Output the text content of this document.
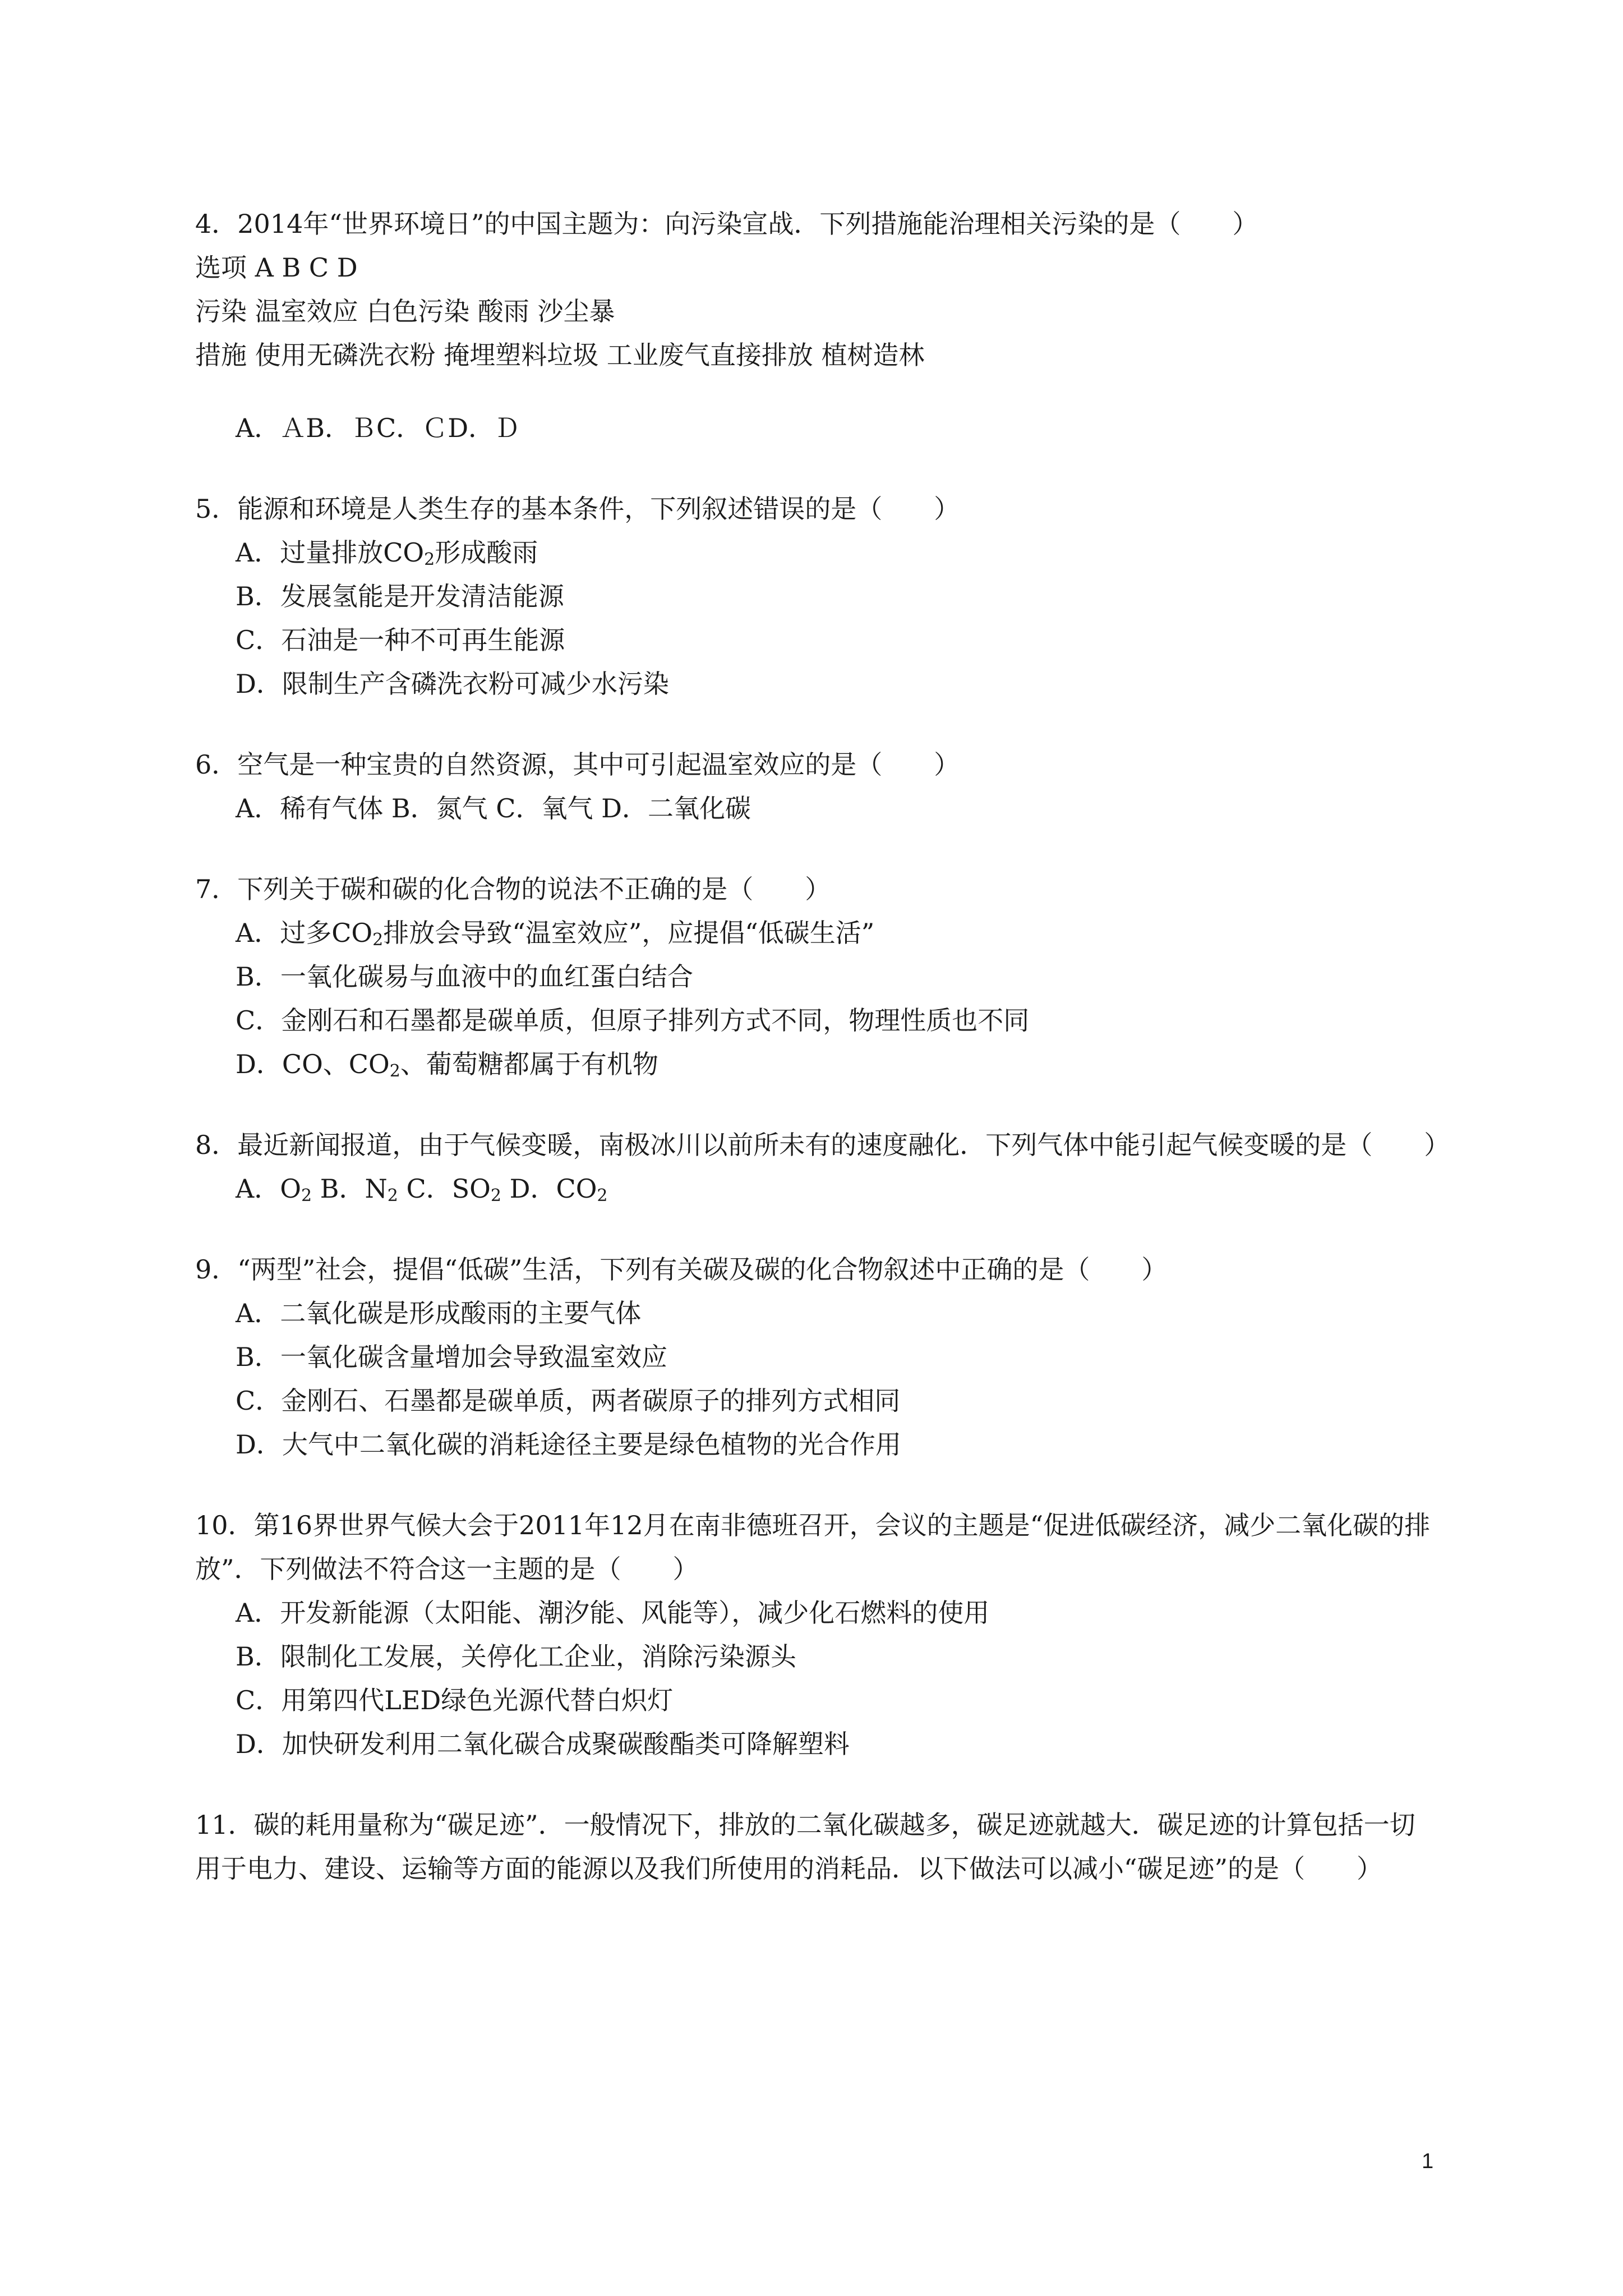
4．2014年“世界环境日”的中国主题为：向污染宣战．下列措施能治理相关污染的是（　　）
选项 A B C D
污染 温室效应 白色污染 酸雨 沙尘暴
措施 使用无磷洗衣粉 掩埋塑料垃圾 工业废气直接排放 植树造林
A．ＡB．ＢC．ＣD．Ｄ
5．能源和环境是人类生存的基本条件，下列叙述错误的是（　　）
A．过量排放$CO_2$形成酸雨
B．发展氢能是开发清洁能源
C．石油是一种不可再生能源
D．限制生产含磷洗衣粉可减少水污染
6．空气是一种宝贵的自然资源，其中可引起温室效应的是（　　）
A．稀有气体 B．氮气 C．氧气 D．二氧化碳
7．下列关于碳和碳的化合物的说法不正确的是（　　）
A．过多$CO_2$排放会导致“温室效应”，应提倡“低碳生活”
B．一氧化碳易与血液中的血红蛋白结合
C．金刚石和石墨都是碳单质，但原子排列方式不同，物理性质也不同
D．CO、$CO_2$、葡萄糖都属于有机物
8．最近新闻报道，由于气候变暖，南极冰川以前所未有的速度融化．下列气体中能引起气候变暖的是（　　）
A．$O_2$ B．$N_2$ C．$SO_2$ D．$CO_2$
9．“两型”社会，提倡“低碳”生活，下列有关碳及碳的化合物叙述中正确的是（　　）
A．二氧化碳是形成酸雨的主要气体
B．一氧化碳含量增加会导致温室效应
C．金刚石、石墨都是碳单质，两者碳原子的排列方式相同
D．大气中二氧化碳的消耗途径主要是绿色植物的光合作用
10．第16界世界气候大会于2011年12月在南非德班召开，会议的主题是“促进低碳经济，减少二氧化碳的排放”．下列做法不符合这一主题的是（　　）
A．开发新能源（太阳能、潮汐能、风能等），减少化石燃料的使用
B．限制化工发展，关停化工企业，消除污染源头
C．用第四代LED绿色光源代替白炽灯
D．加快研发利用二氧化碳合成聚碳酸酯类可降解塑料
11．碳的耗用量称为“碳足迹”．一般情况下，排放的二氧化碳越多，碳足迹就越大．碳足迹的计算包括一切用于电力、建设、运输等方面的能源以及我们所使用的消耗品．以下做法可以减小“碳足迹”的是（　　）
1
